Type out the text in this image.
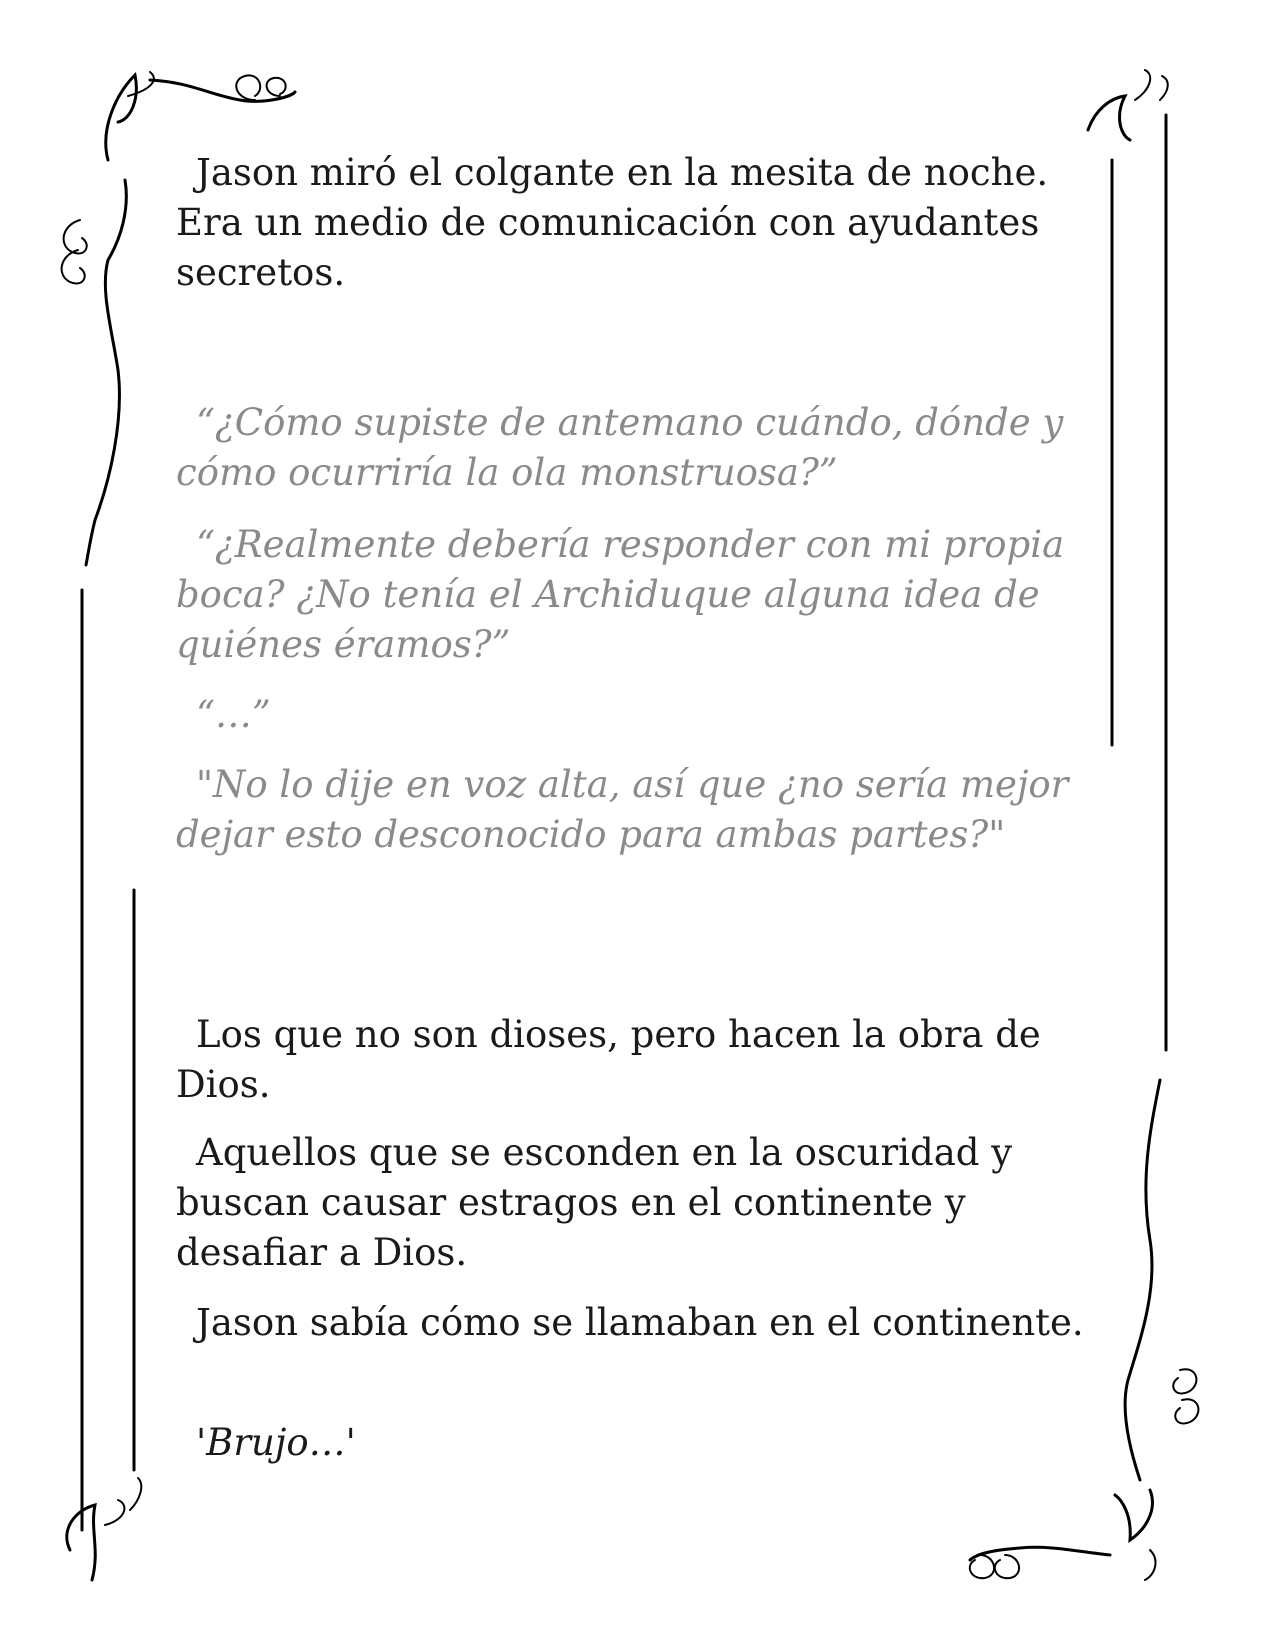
Jason miró el colgante en la mesita de noche. Era un medio de comunicación con ayudantes secretos.

“¿Cómo supiste de antemano cuándo, dónde y cómo ocurriría la ola monstruosa?”

“¿Realmente debería responder con mi propia boca? ¿No tenía el Archiduque alguna idea de quiénes éramos?”

“…”

"No lo dije en voz alta, así que ¿no sería mejor dejar esto desconocido para ambas partes?"

Los que no son dioses, pero hacen la obra de Dios.

Aquellos que se esconden en la oscuridad y buscan causar estragos en el continente y desafiar a Dios.

Jason sabía cómo se llamaban en el continente.

'Brujo…'
